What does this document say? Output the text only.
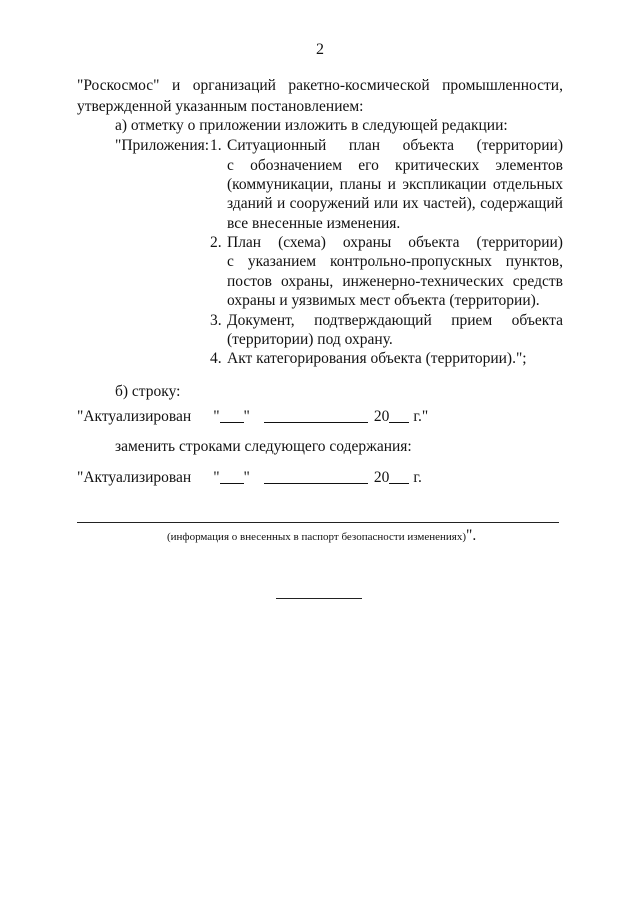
2
"Роскосмос" и организаций ракетно-космической промышленности,
утвержденной указанным постановлением:
а) отметку о приложении изложить в следующей редакции:
"Приложения: 1. Ситуационный план объекта (территории)
с обозначением его критических элементов
(коммуникации, планы и экспликации отдельных
зданий и сооружений или их частей), содержащий
все внесенные изменения.
2. План (схема) охраны объекта (территории)
с указанием контрольно-пропускных пунктов,
постов охраны, инженерно-технических средств
охраны и уязвимых мест объекта (территории).
3. Документ, подтверждающий прием объекта
(территории) под охрану.
4. Акт категорирования объекта (территории).";
б) строку:
"Актуализирован " "	20 г."
заменить строками следующего содержания:
"Актуализирован " "	20 г.
(информация о внесенных в паспорт безопасности изменениях)".
